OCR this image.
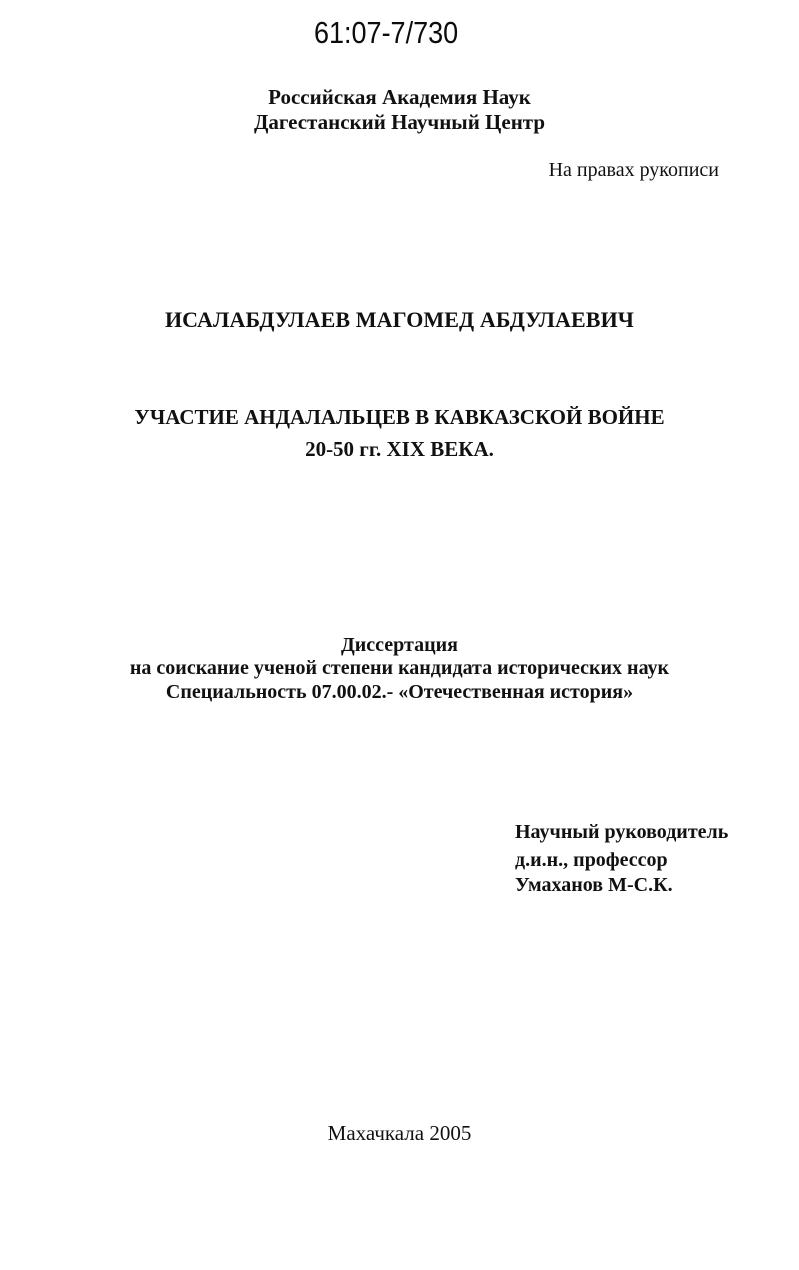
61:07-7/730
Российская Академия Наук
Дагестанский Научный Центр
На правах рукописи
ИСАЛАБДУЛАЕВ МАГОМЕД АБДУЛАЕВИЧ
УЧАСТИЕ АНДАЛАЛЬЦЕВ В КАВКАЗСКОЙ ВОЙНЕ
20-50 гг. XIX ВЕКА.
Диссертация
на соискание ученой степени кандидата исторических наук
Специальность 07.00.02.- «Отечественная история»
Научный руководитель
д.и.н., профессор
Умаханов М-С.К.
Махачкала 2005
